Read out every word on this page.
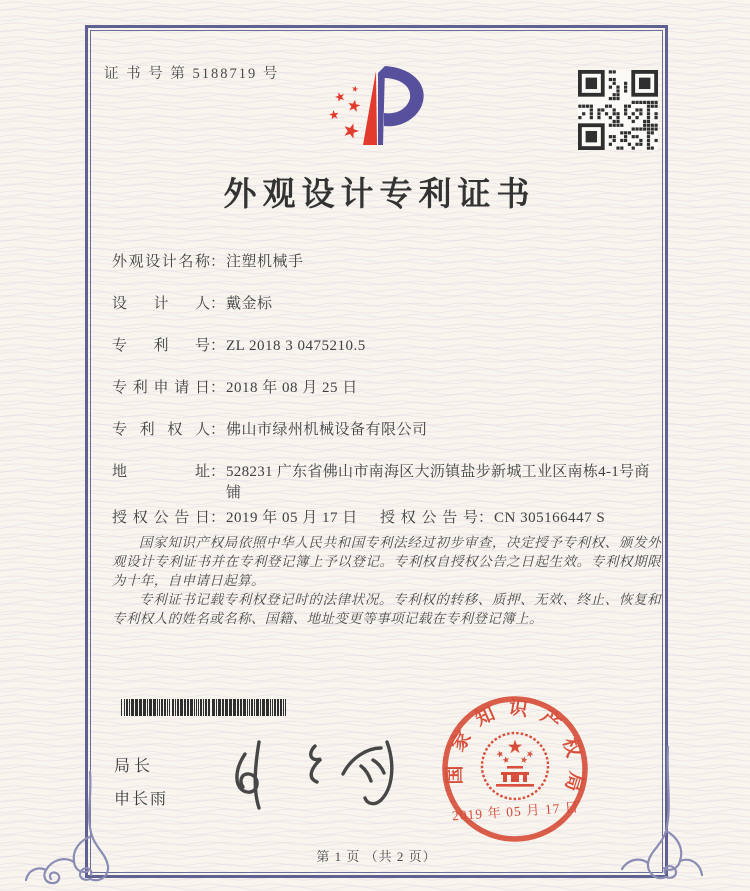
证 书 号 第 5188719 号
外观设计专利证书
外观设计名称：注塑机械手
设计人：戴金标
专利号：ZL 2018 3 0475210.5
专利申请日：2018 年 08 月 25 日
专利权人：佛山市绿州机械设备有限公司
地址：528231 广东省佛山市南海区大沥镇盐步新城工业区南栋4-1号商铺
授权公告日：2019 年 05 月 17 日 授权公告号：CN 305166447 S

国家知识产权局依照中华人民共和国专利法经过初步审查，决定授予专利权、颁发外观设计专利证书并在专利登记簿上予以登记。专利权自授权公告之日起生效。专利权期限为十年，自申请日起算。

专利证书记载专利权登记时的法律状况。专利权的转移、质押、无效、终止、恢复和专利权人的姓名或名称、国籍、地址变更等事项记载在专利登记簿上。

局长
申长雨
国家知识产权局
2019 年 05 月 17 日
第 1 页 （共 2 页）
